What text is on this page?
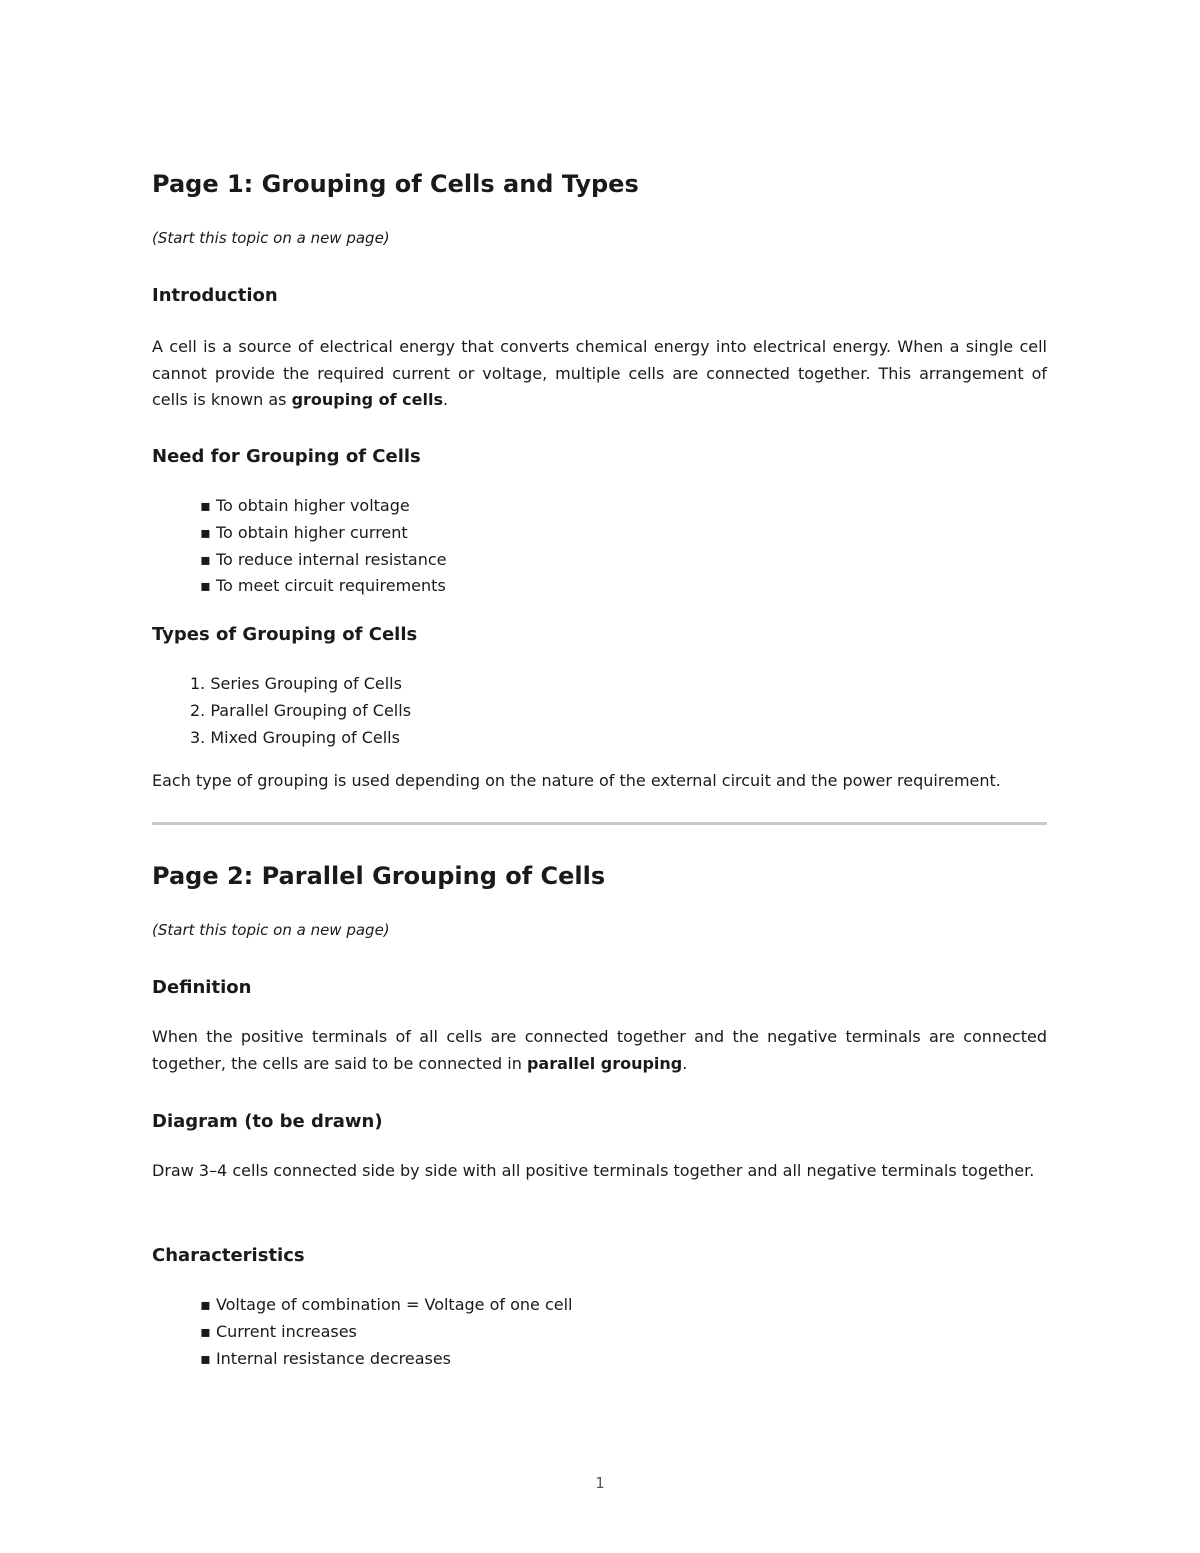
Page 1: Grouping of Cells and Types

(Start this topic on a new page)

Introduction

A cell is a source of electrical energy that converts chemical energy into electrical energy. When a single cell cannot provide the required current or voltage, multiple cells are connected together. This arrangement of cells is known as grouping of cells.

Need for Grouping of Cells
▪ To obtain higher voltage
▪ To obtain higher current
▪ To reduce internal resistance
▪ To meet circuit requirements
Types of Grouping of Cells
1. Series Grouping of Cells
2. Parallel Grouping of Cells
3. Mixed Grouping of Cells

Each type of grouping is used depending on the nature of the external circuit and the power requirement.

Page 2: Parallel Grouping of Cells

(Start this topic on a new page)

Definition

When the positive terminals of all cells are connected together and the negative terminals are connected together, the cells are said to be connected in parallel grouping.

Diagram (to be drawn)

Draw 3–4 cells connected side by side with all positive terminals together and all negative terminals together.

Characteristics
▪ Voltage of combination = Voltage of one cell
▪ Current increases
▪ Internal resistance decreases
1
